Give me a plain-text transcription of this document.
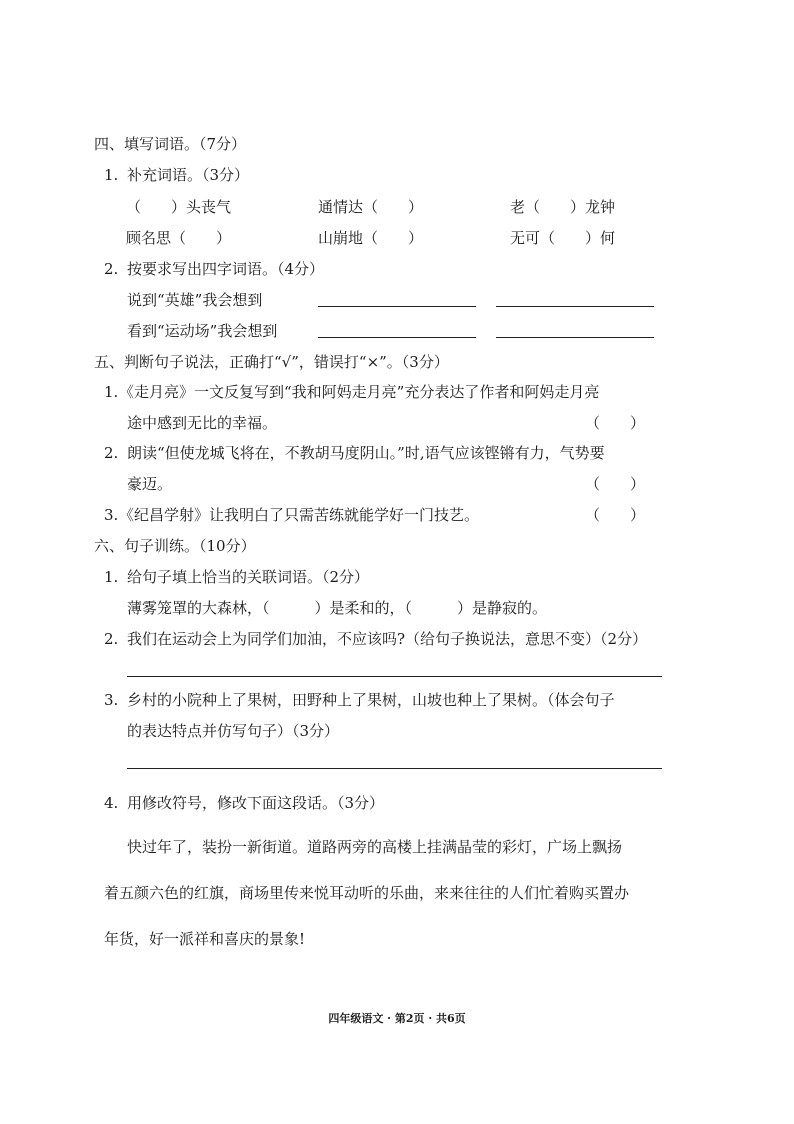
四、填写词语。（7分）
1. 补充词语。（3分）
（　　）头丧气	通情达（　　）	老（　　）龙钟
顾名思（　　）	山崩地（　　）	无可（　　）何
2. 按要求写出四字词语。（4分）
说到“英雄”我会想到
看到“运动场”我会想到
五、判断句子说法，正确打“√”，错误打“×”。（3分）
1. 《走月亮》一文反复写到“我和阿妈走月亮”充分表达了作者和阿妈走月亮
途中感到无比的幸福。	（　　）
2. 朗读“但使龙城飞将在，不教胡马度阴山。”时,语气应该铿锵有力，气势要
豪迈。	（　　）
3. 《纪昌学射》让我明白了只需苦练就能学好一门技艺。	（　　）
六、句子训练。（10分）
1. 给句子填上恰当的关联词语。（2分）
薄雾笼罩的大森林，（　　　）是柔和的，（　　　）是静寂的。
2. 我们在运动会上为同学们加油，不应该吗?（给句子换说法，意思不变）（2分）
3. 乡村的小院种上了果树，田野种上了果树，山坡也种上了果树。（体会句子
的表达特点并仿写句子）（3分）
4. 用修改符号，修改下面这段话。（3分）
快过年了，装扮一新街道。道路两旁的高楼上挂满晶莹的彩灯，广场上飘扬
着五颜六色的红旗，商场里传来悦耳动听的乐曲，来来往往的人们忙着购买置办
年货，好一派祥和喜庆的景象!
四年级语文 · 第2页 · 共6页
